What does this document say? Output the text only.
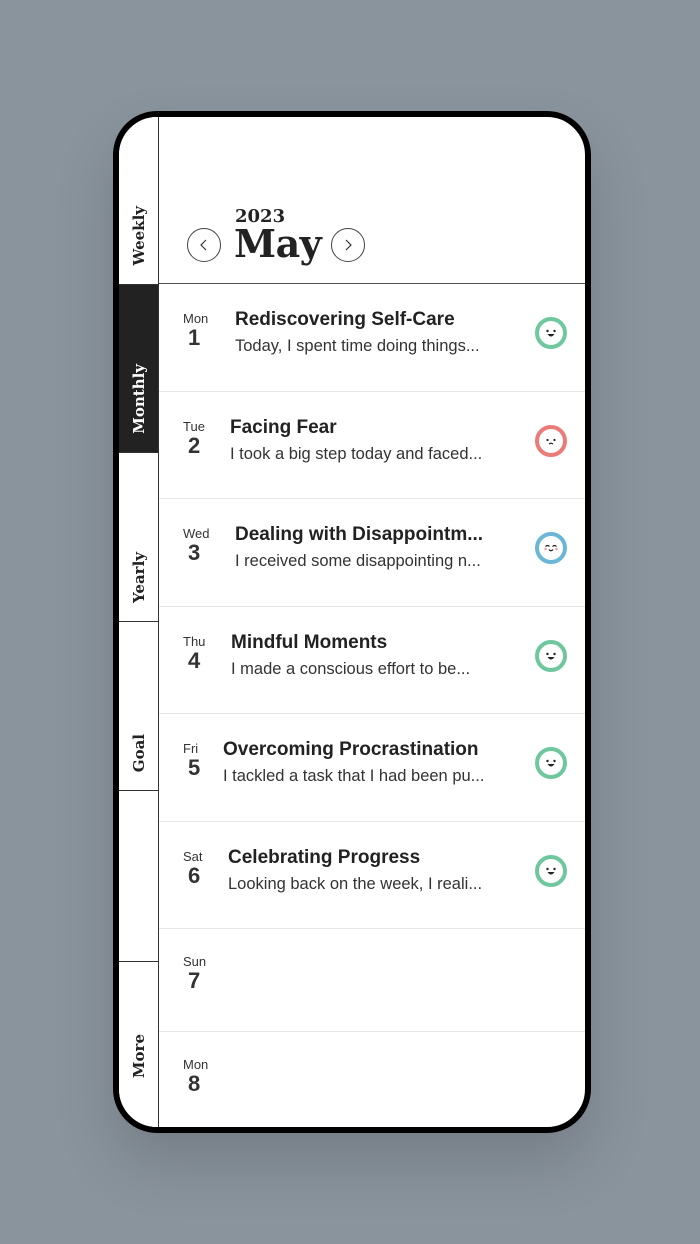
Weekly
Monthly
Yearly
Goal
More
2023
May
Mon
1
Rediscovering Self-Care
Today, I spent time doing things...
Tue
2
Facing Fear
I took a big step today and faced...
Wed
3
Dealing with Disappointm...
I received some disappointing n...
Thu
4
Mindful Moments
I made a conscious effort to be...
Fri
5
Overcoming Procrastination
I tackled a task that I had been pu...
Sat
6
Celebrating Progress
Looking back on the week, I reali...
Sun
7
Mon
8
